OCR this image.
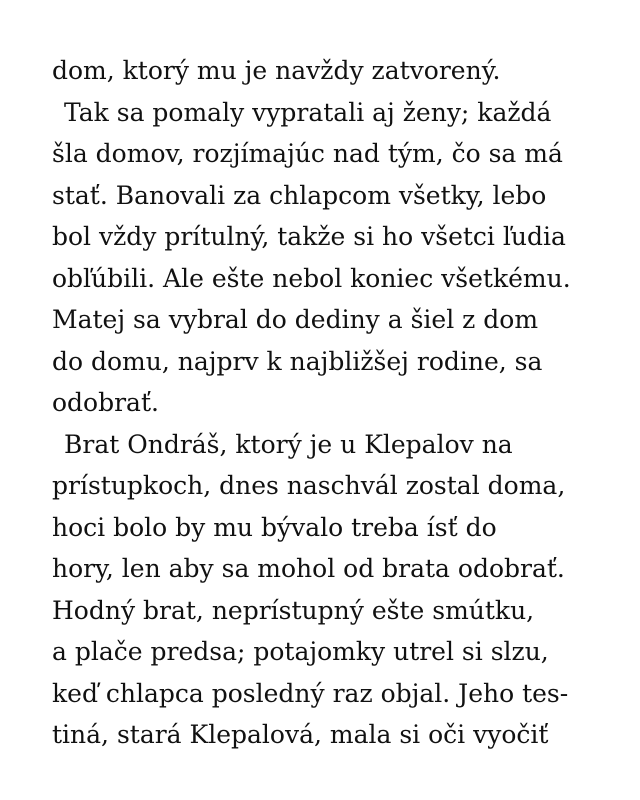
dom, ktorý mu je navždy zatvorený.
Tak sa pomaly vypratali aj ženy; každá
šla domov, rozjímajúc nad tým, čo sa má
stať. Banovali za chlapcom všetky, lebo
bol vždy prítulný, takže si ho všetci ľudia
obľúbili. Ale ešte nebol koniec všetkému.
Matej sa vybral do dediny a šiel z dom
do domu, najprv k najbližšej rodine, sa
odobrať.
Brat Ondráš, ktorý je u Klepalov na
prístupkoch, dnes naschvál zostal doma,
hoci bolo by mu bývalo treba ísť do
hory, len aby sa mohol od brata odobrať.
Hodný brat, neprístupný ešte smútku,
a plače predsa; potajomky utrel si slzu,
keď chlapca posledný raz objal. Jeho tes-
tiná, stará Klepalová, mala si oči vyočiť
